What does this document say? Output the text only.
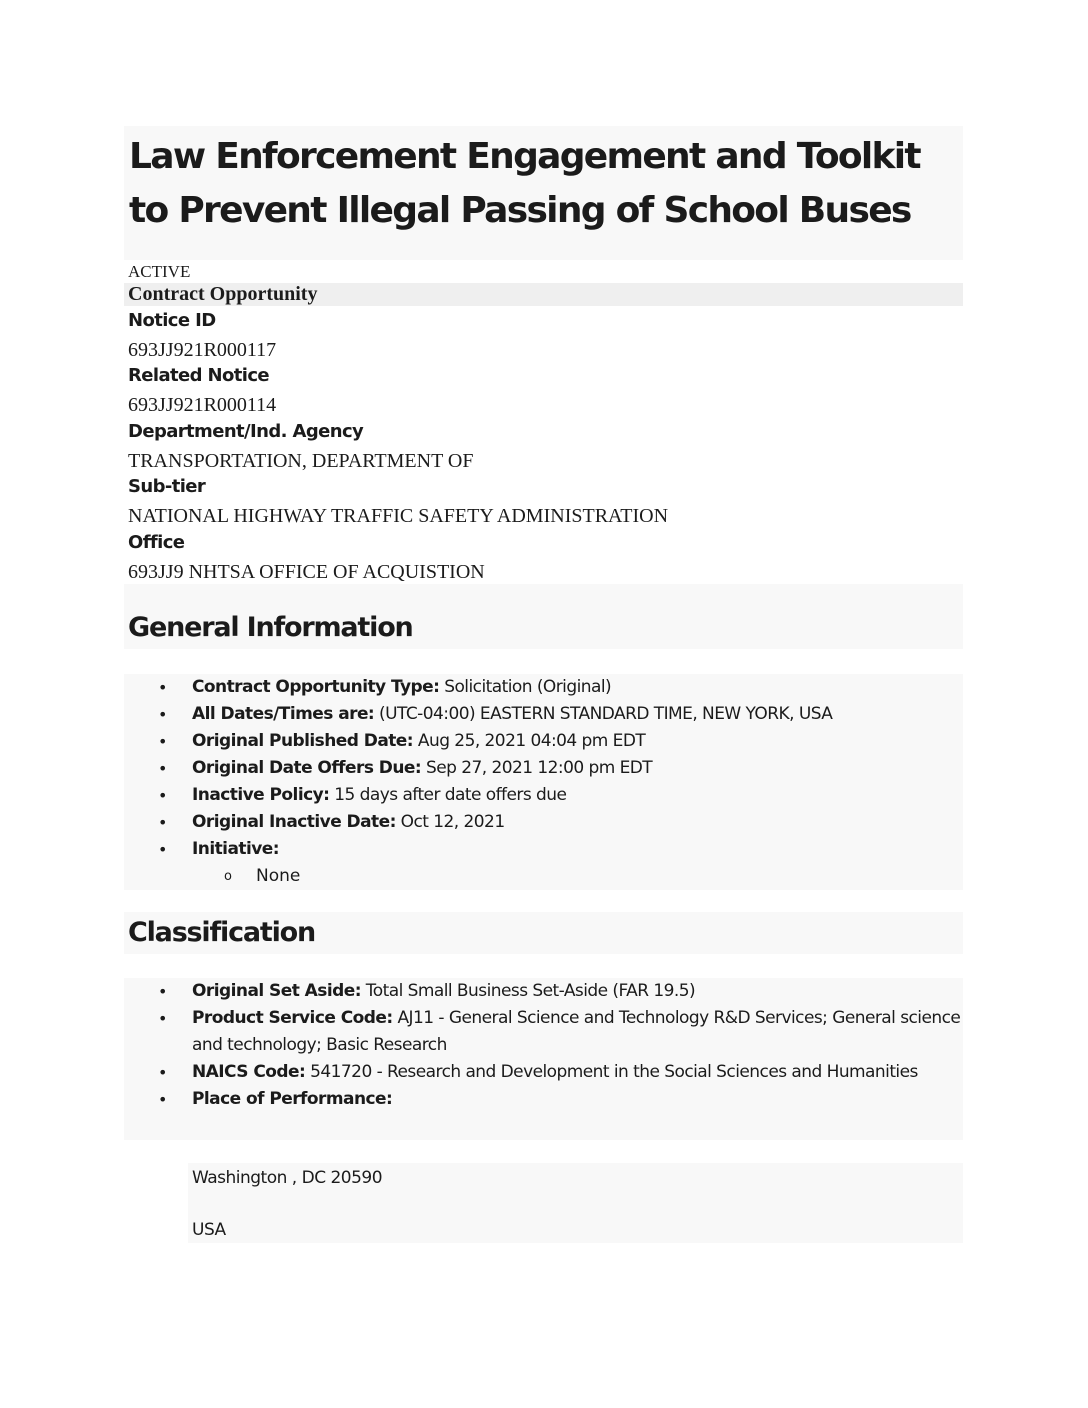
Law Enforcement Engagement and Toolkit to Prevent Illegal Passing of School Buses
ACTIVE
Contract Opportunity
Notice ID
693JJ921R000117
Related Notice
693JJ921R000114
Department/Ind. Agency
TRANSPORTATION, DEPARTMENT OF
Sub-tier
NATIONAL HIGHWAY TRAFFIC SAFETY ADMINISTRATION
Office
693JJ9 NHTSA OFFICE OF ACQUISTION
General Information
• Contract Opportunity Type: Solicitation (Original)
• All Dates/Times are: (UTC-04:00) EASTERN STANDARD TIME, NEW YORK, USA
• Original Published Date: Aug 25, 2021 04:04 pm EDT
• Original Date Offers Due: Sep 27, 2021 12:00 pm EDT
• Inactive Policy: 15 days after date offers due
• Original Inactive Date: Oct 12, 2021
• Initiative:
o None
Classification
• Original Set Aside: Total Small Business Set-Aside (FAR 19.5)
• Product Service Code: AJ11 - General Science and Technology R&D Services; General science and technology; Basic Research
• NAICS Code: 541720 - Research and Development in the Social Sciences and Humanities
• Place of Performance:
Washington , DC 20590
USA
